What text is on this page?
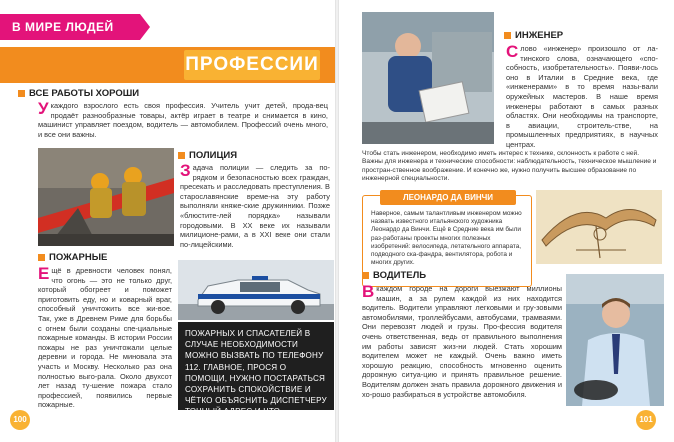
В МИРЕ ЛЮДЕЙ
ПРОФЕССИИ
ВСЕ РАБОТЫ ХОРОШИ
Укаждого взрослого есть своя профессия. Учитель учит детей, прода-вец продаёт разнообразные товары, актёр играет в театре и снимается в кино, машинист управляет поездом, водитель — автомобилем. Профессий очень много, и все они важны.
ПОЛИЦИЯ
Задача полиции — следить за по-рядком и безопасностью всех граждан, пресекать и расследовать преступления. В старославянские време-на эту работу выполняли княже-ские дружинники. Позже «блюстите-лей порядка» называли городовыми. В XX веке их называли милиционе-рами, а в XXI веке они стали по-лицейскими.
ПОЖАРНЫЕ
Ещё в древности человек понял, что огонь — это не только друг, который обогреет и поможет приготовить еду, но и коварный враг, способный уничтожить все жи-вое. Так, уже в Древнем Риме для борьбы с огнем были созданы спе-циальные пожарные команды. В истории России пожары не раз уничтожали целые деревни и города. Не миновала эта участь и Москву. Несколько раз она полностью выго-рала. Около двухсот лет назад ту-шение пожара стало профессией, появились первые пожарные.
ПОЖАРНЫХ И СПАСАТЕЛЕЙ В СЛУЧАЕ НЕОБХОДИМОСТИ МОЖНО ВЫЗВАТЬ ПО ТЕЛЕФОНУ 112. ГЛАВНОЕ, ПРОСЯ О ПОМОЩИ, НУЖНО ПОСТАРАТЬСЯ СОХРАНИТЬ СПОКОЙСТВИЕ И ЧЁТКО ОБЪЯСНИТЬ ДИСПЕТЧЕРУ ТОЧНЫЙ АДРЕС И ЧТО СЛУЧИЛОСЬ.
100
ИНЖЕНЕР
Слово «инженер» произошло от ла-тинского слова, означающего «спо-собность, изобретательность». Появи-лось оно в Италии в Средние века, где «инженерами» в то время назы-вали оружейных мастеров. В наше время инженеры работают в самых разных областях. Они необходимы на транспорте, в авиации, строитель-стве, на промышленных предприятиях, в научных центрах.
Чтобы стать инженером, необходимо иметь интерес к технике, склонность к работе с ней. Важны для инженера и технические способности: наблюдательность, техническое мышление и простран-ственное воображение. И конечно же, нужно получить высшее образование по инженерной специальности.
Наверное, самым талантливым инженером можно назвать известного итальянского художника Леонардо да Винчи. Ещё в Средние века им были раз-работаны проекты многих полезных изобретений: велосипеда, летательного аппарата, подводного ска-фандра, вентилятора, робота и многих других.
ЛЕОНАРДО ДА ВИНЧИ
ВОДИТЕЛЬ
Вкаждом городе на дороги выезжают миллионы машин, а за рулем каждой из них находится водитель. Водители управляют легковыми и гру-зовыми автомобилями, троллейбусами, автобусами, трамваями. Они перевозят людей и грузы. Про-фессия водителя очень ответственная, ведь от правильного выполнения им работы зависят жиз-ни людей. Стать хорошим водителем может не каждый. Очень важно иметь хорошую реакцию, способность мгновенно оценить дорожную ситуа-цию и принять правильное решение. Водителям должен знать правила дорожного движения и хо-рошо разбираться в устройстве автомобиля.
101
